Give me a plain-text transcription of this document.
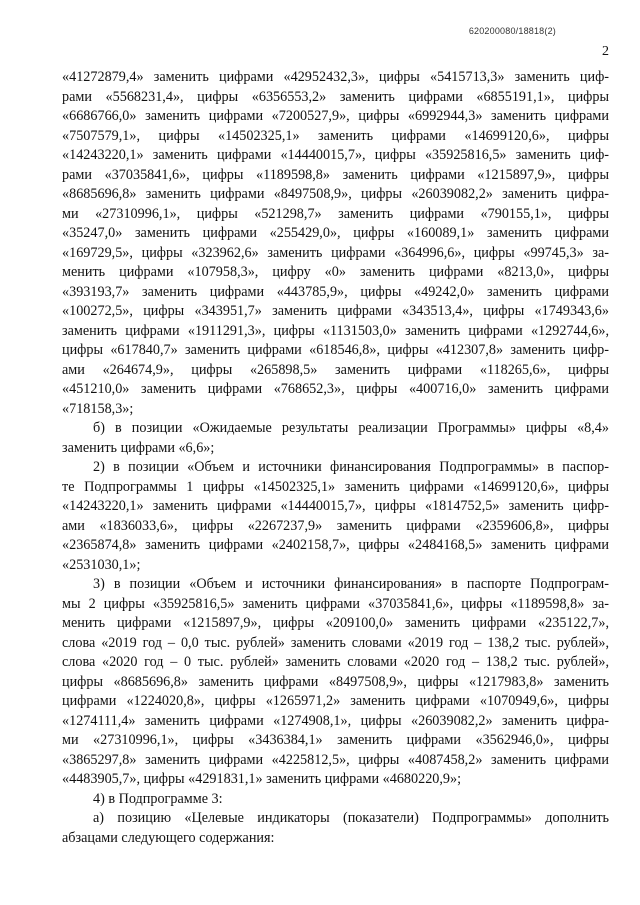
620200080/18818(2)
2
«41272879,4» заменить цифрами «42952432,3», цифры «5415713,3» заменить циф-
рами «5568231,4», цифры «6356553,2» заменить цифрами «6855191,1», цифры
«6686766,0» заменить цифрами «7200527,9», цифры «6992944,3» заменить цифрами
«7507579,1», цифры «14502325,1» заменить цифрами «14699120,6», цифры
«14243220,1» заменить цифрами «14440015,7», цифры «35925816,5» заменить циф-
рами «37035841,6», цифры «1189598,8» заменить цифрами «1215897,9», цифры
«8685696,8» заменить цифрами «8497508,9», цифры «26039082,2» заменить цифра-
ми «27310996,1», цифры «521298,7» заменить цифрами «790155,1», цифры
«35247,0» заменить цифрами «255429,0», цифры «160089,1» заменить цифрами
«169729,5», цифры «323962,6» заменить цифрами «364996,6», цифры «99745,3» за-
менить цифрами «107958,3», цифру «0» заменить цифрами «8213,0», цифры
«393193,7» заменить цифрами «443785,9», цифры «49242,0» заменить цифрами
«100272,5», цифры «343951,7» заменить цифрами «343513,4», цифры «1749343,6»
заменить цифрами «1911291,3», цифры «1131503,0» заменить цифрами «1292744,6»,
цифры «617840,7» заменить цифрами «618546,8», цифры «412307,8» заменить цифр-
ами «264674,9», цифры «265898,5» заменить цифрами «118265,6», цифры
«451210,0» заменить цифрами «768652,3», цифры «400716,0» заменить цифрами
«718158,3»;
б) в позиции «Ожидаемые результаты реализации Программы» цифры «8,4»
заменить цифрами «6,6»;
2) в позиции «Объем и источники финансирования Подпрограммы» в паспор-
те Подпрограммы 1 цифры «14502325,1» заменить цифрами «14699120,6», цифры
«14243220,1» заменить цифрами «14440015,7», цифры «1814752,5» заменить цифр-
ами «1836033,6», цифры «2267237,9» заменить цифрами «2359606,8», цифры
«2365874,8» заменить цифрами «2402158,7», цифры «2484168,5» заменить цифрами
«2531030,1»;
3) в позиции «Объем и источники финансирования» в паспорте Подпрограм-
мы 2 цифры «35925816,5» заменить цифрами «37035841,6», цифры «1189598,8» за-
менить цифрами «1215897,9», цифры «209100,0» заменить цифрами «235122,7»,
слова «2019 год – 0,0 тыс. рублей» заменить словами «2019 год – 138,2 тыс. рублей»,
слова «2020 год – 0 тыс. рублей» заменить словами «2020 год – 138,2 тыс. рублей»,
цифры «8685696,8» заменить цифрами «8497508,9», цифры «1217983,8» заменить
цифрами «1224020,8», цифры «1265971,2» заменить цифрами «1070949,6», цифры
«1274111,4» заменить цифрами «1274908,1», цифры «26039082,2» заменить цифра-
ми «27310996,1», цифры «3436384,1» заменить цифрами «3562946,0», цифры
«3865297,8» заменить цифрами «4225812,5», цифры «4087458,2» заменить цифрами
«4483905,7», цифры «4291831,1» заменить цифрами «4680220,9»;
4) в Подпрограмме 3:
а) позицию «Целевые индикаторы (показатели) Подпрограммы» дополнить
абзацами следующего содержания:
